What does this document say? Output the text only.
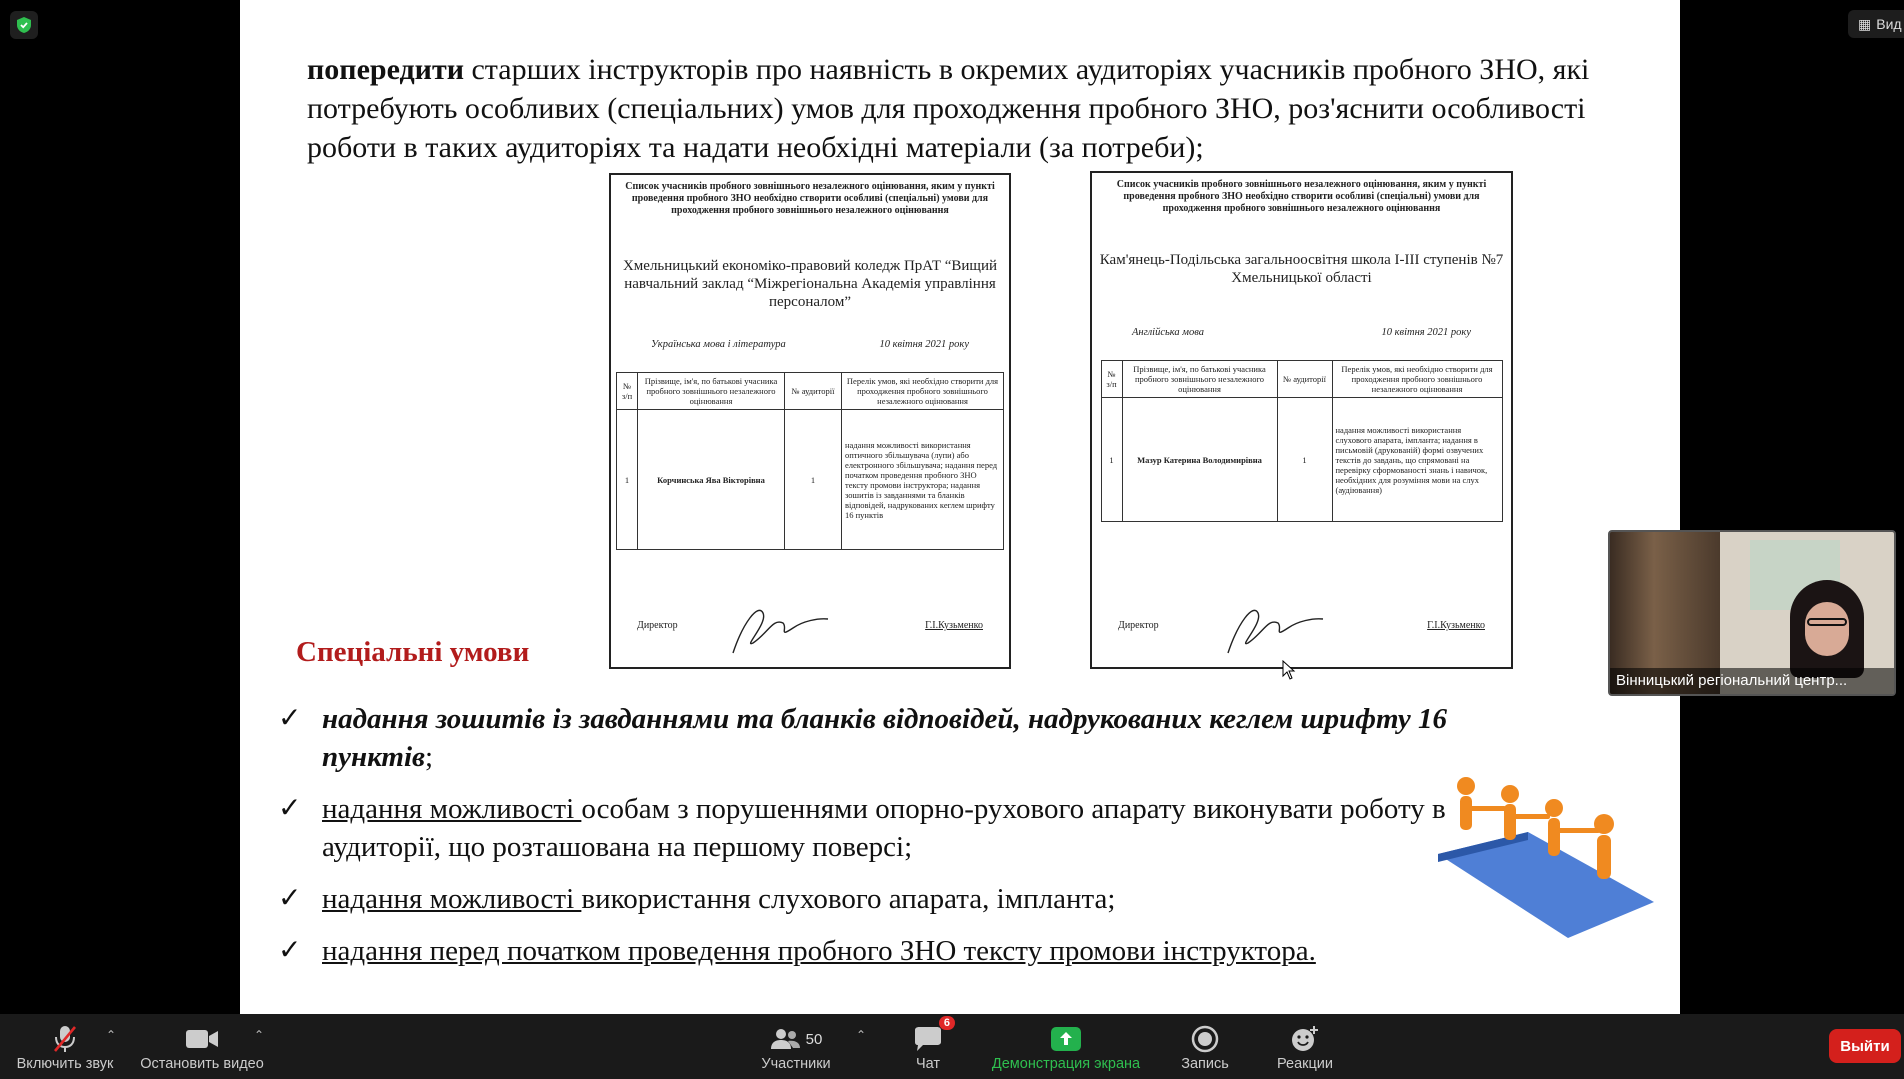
▦ Вид

попередити старших інструкторів про наявність в окремих аудиторіях учасників пробного ЗНО, які потребують особливих (спеціальних) умов для проходження пробного ЗНО, роз'яснити особливості роботи в таких аудиторіях та надати необхідні матеріали (за потреби);

Список учасників пробного зовнішнього незалежного оцінювання, яким у пункті проведення пробного ЗНО необхідно створити особливі (спеціальні) умови для проходження пробного зовнішнього незалежного оцінювання
Хмельницький економіко-правовий коледж ПрАТ “Вищий навчальний заклад “Міжрегіональна Академія управління персоналом”
Українська мова і література	10 квітня 2021 року
№ з/п	Прізвище, ім'я, по батькові учасника пробного зовнішнього незалежного оцінювання	№ аудиторії	Перелік умов, які необхідно створити для проходження пробного зовнішнього незалежного оцінювання
1	Корчинська Ява Вікторівна	1	надання можливості використання оптичного збільшувача (лупи) або електронного збільшувача; надання перед початком проведення пробного ЗНО тексту промови інструктора; надання зошитів із завданнями та бланків відповідей, надрукованих кеглем шрифту 16 пунктів
Директор	Г.І.Кузьменко
Список учасників пробного зовнішнього незалежного оцінювання, яким у пункті проведення пробного ЗНО необхідно створити особливі (спеціальні) умови для проходження пробного зовнішнього незалежного оцінювання
Кам'янець-Подільська загальноосвітня школа І-ІІІ ступенів №7 Хмельницької області
Англійська мова	10 квітня 2021 року
№ з/п	Прізвище, ім'я, по батькові учасника пробного зовнішнього незалежного оцінювання	№ аудиторії	Перелік умов, які необхідно створити для проходження пробного зовнішнього незалежного оцінювання
1	Мазур Катерина Володимирівна	1	надання можливості використання слухового апарата, імпланта; надання в письмовій (друкованій) формі озвучених текстів до завдань, що спрямовані на перевірку сформованості знань і навичок, необхідних для розуміння мови на слух (аудіювання)
Директор	Г.І.Кузьменко
Спеціальні умови
✓ надання зошитів із завданнями та бланків відповідей, надрукованих кеглем шрифту 16 пунктів;
✓ надання можливості особам з порушеннями опорно-рухового апарату виконувати роботу в аудиторії, що розташована на першому поверсі;
✓ надання можливості використання слухового апарата, імпланта;
✓ надання перед початком проведення пробного ЗНО тексту промови інструктора.
Вінницький регіональний центр...
Включить звук
⌃
Остановить видео
⌃	50
Участники
⌃
6
Чат	Демонстрация экрана	Запись	Реакции
Выйти
